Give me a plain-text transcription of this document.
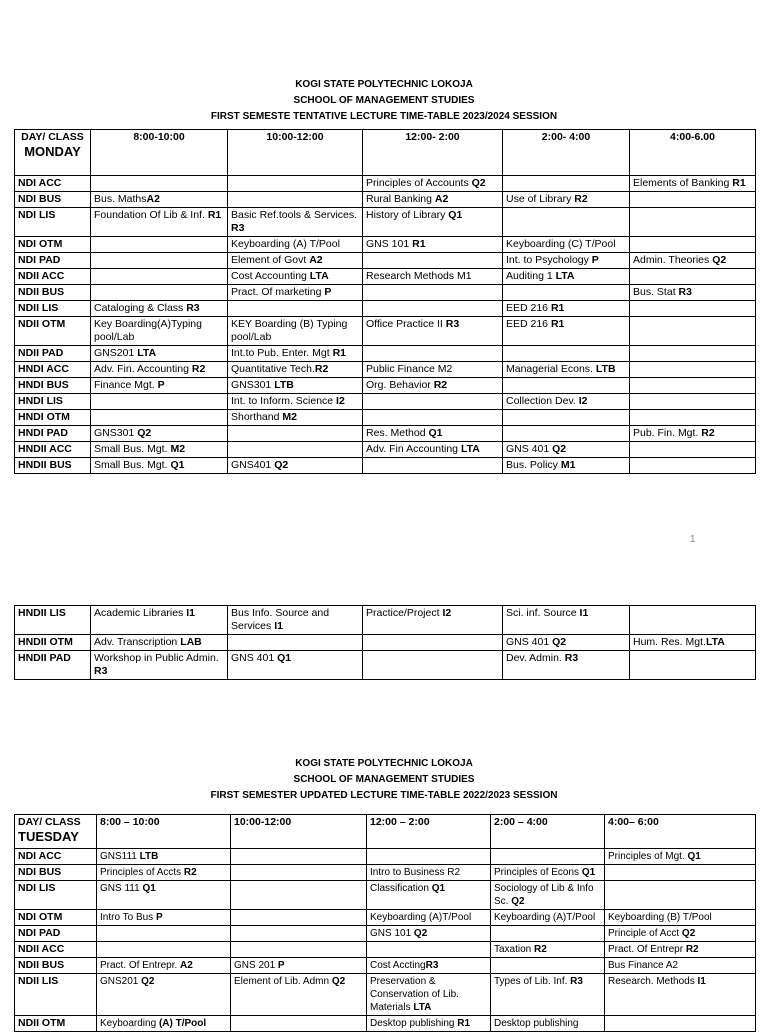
KOGI STATE POLYTECHNIC LOKOJA
SCHOOL OF MANAGEMENT STUDIES
FIRST SEMESTE TENTATIVE LECTURE TIME-TABLE 2023/2024 SESSION
DAY/ CLASS
MONDAY	8:00-10:00	10:00-12:00	12:00- 2:00	2:00- 4:00	4:00-6.00
NDI ACC			Principles of Accounts Q2		Elements of Banking R1
NDI BUS	Bus. MathsA2		Rural Banking A2	Use of Library R2	
NDI LIS	Foundation Of Lib & Inf. R1	Basic Ref.tools & Services. R3	History of Library Q1		
NDI OTM		Keyboarding (A) T/Pool	GNS 101 R1	Keyboarding (C) T/Pool	
NDI PAD		Element of Govt A2		Int. to Psychology P	Admin. Theories Q2
NDII ACC		Cost Accounting LTA	Research Methods M1	Auditing 1 LTA	
NDII BUS		Pract. Of marketing P			Bus. Stat R3
NDII LIS	Cataloging & Class R3			EED 216 R1	
NDII OTM	Key Boarding(A)Typing pool/Lab	KEY Boarding (B) Typing pool/Lab	Office Practice II R3	EED 216 R1	
NDII PAD	GNS201 LTA	Int.to Pub. Enter. Mgt R1			
HNDI ACC	Adv. Fin. Accounting R2	Quantitative Tech.R2	Public Finance M2	Managerial Econs. LTB	
HNDI BUS	Finance Mgt. P	GNS301 LTB	Org. Behavior R2		
HNDI LIS		Int. to Inform. Science I2		Collection Dev. I2	
HNDI OTM		Shorthand M2			
HNDI PAD	GNS301 Q2		Res. Method Q1		Pub. Fin. Mgt. R2
HNDII ACC	Small Bus. Mgt. M2		Adv. Fin Accounting LTA	GNS 401 Q2	
HNDII BUS	Small Bus. Mgt. Q1	GNS401 Q2		Bus. Policy M1	
1
HNDII LIS	Academic Libraries I1	Bus Info. Source and Services I1	Practice/Project I2	Sci. inf. Source I1	
HNDII OTM	Adv. Transcription LAB			GNS 401 Q2	Hum. Res. Mgt.LTA
HNDII PAD	Workshop in Public Admin. R3	GNS 401 Q1		Dev. Admin. R3	
KOGI STATE POLYTECHNIC LOKOJA
SCHOOL OF MANAGEMENT STUDIES
FIRST SEMESTER UPDATED LECTURE TIME-TABLE 2022/2023 SESSION
DAY/ CLASS
TUESDAY	8:00 – 10:00	10:00-12:00	12:00 – 2:00	2:00 – 4:00	4:00– 6:00
NDI ACC	GNS111 LTB				Principles of Mgt. Q1
NDI BUS	Principles of Accts R2		Intro to Business R2	Principles of Econs Q1	
NDI LIS	GNS 111 Q1		Classification Q1	Sociology of Lib & Info Sc. Q2	
NDI OTM	Intro To Bus P		Keyboarding (A)T/Pool	Keyboarding (A)T/Pool	Keyboarding (B) T/Pool
NDI PAD			GNS 101 Q2		Principle of Acct Q2
NDII ACC				Taxation R2	Pract. Of Entrepr R2
NDII BUS	Pract. Of Entrepr. A2	GNS 201 P	Cost AcctingR3		Bus Finance A2
NDII LIS	GNS201 Q2	Element of Lib. Admn Q2	Preservation & Conservation of Lib. Materials LTA	Types of Lib. Inf. R3	Research. Methods I1
NDII OTM	Keyboarding (A) T/Pool		Desktop publishing R1	Desktop publishing	
